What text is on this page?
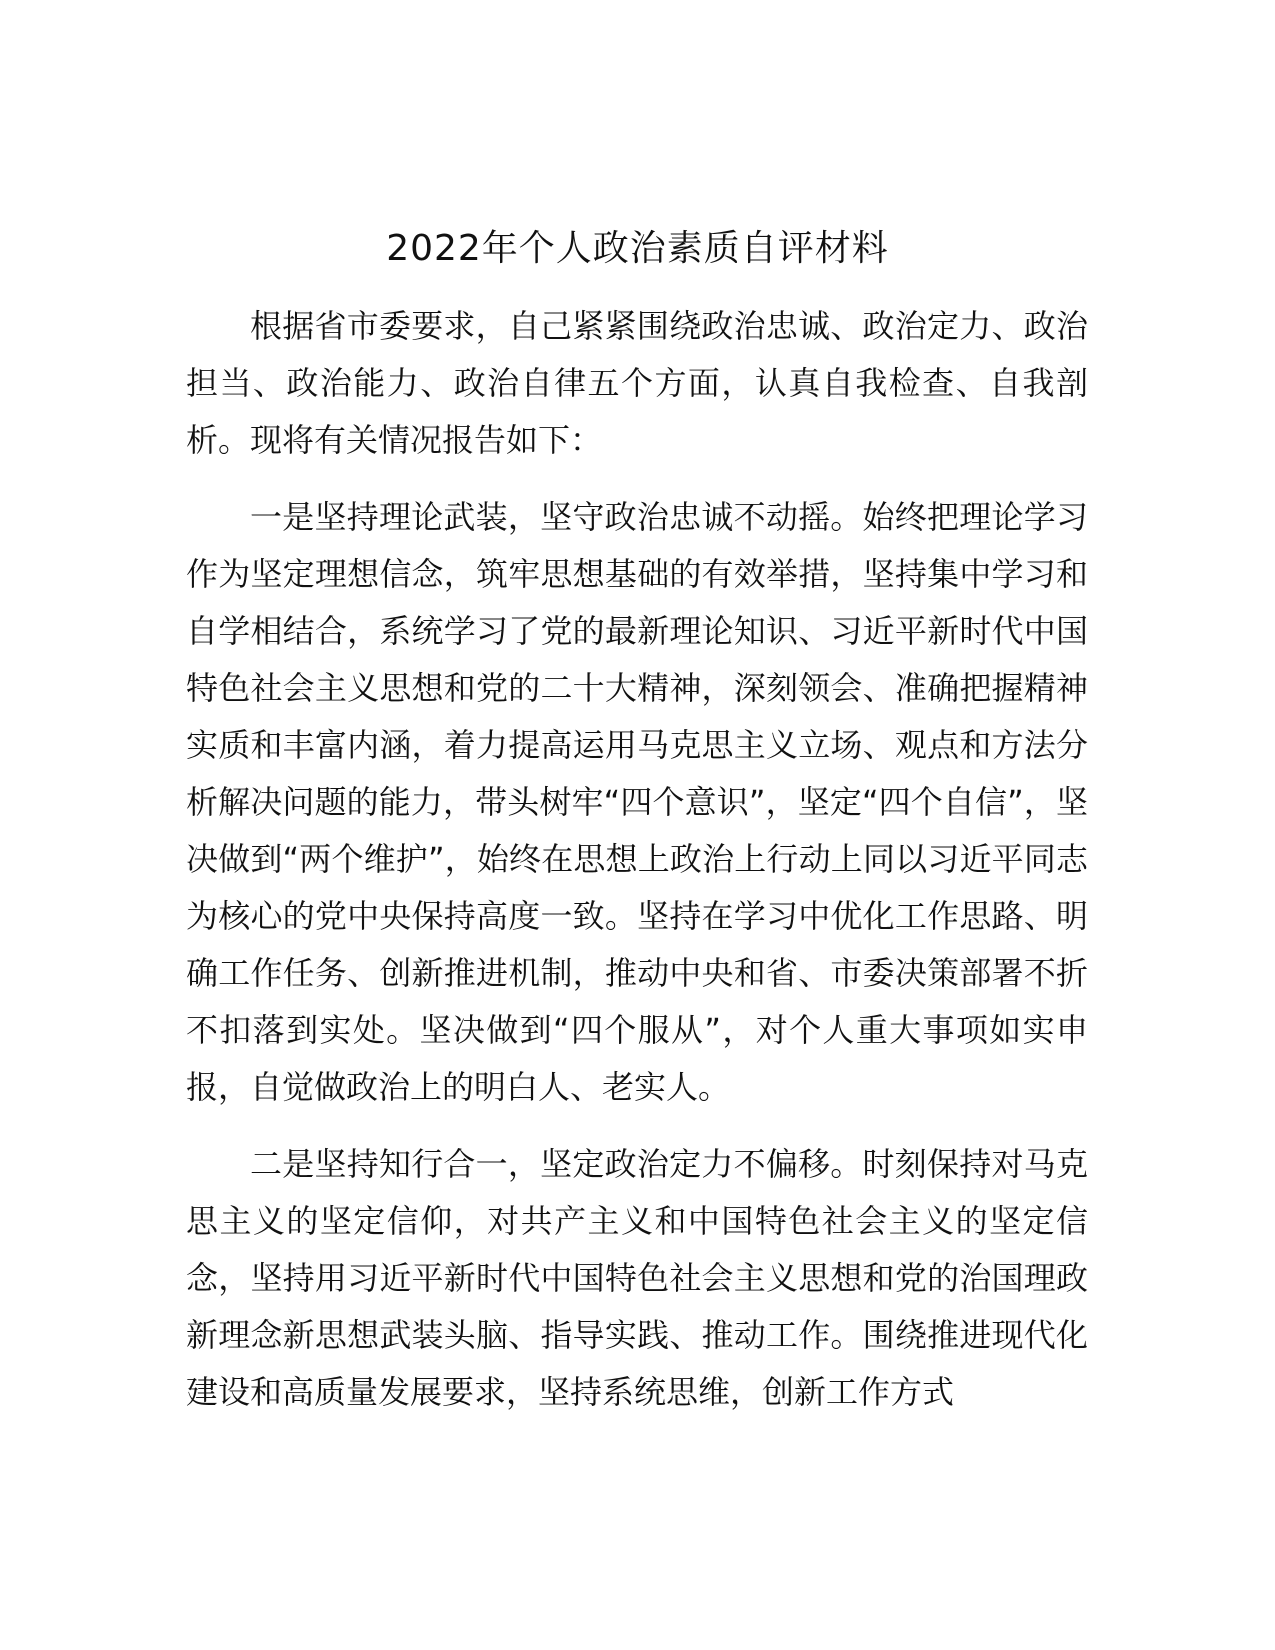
2022年个人政治素质自评材料

根据省市委要求，自己紧紧围绕政治忠诚、政治定力、政治担当、政治能力、政治自律五个方面，认真自我检查、自我剖析。现将有关情况报告如下：

一是坚持理论武装，坚守政治忠诚不动摇。始终把理论学习作为坚定理想信念，筑牢思想基础的有效举措，坚持集中学习和自学相结合，系统学习了党的最新理论知识、习近平新时代中国特色社会主义思想和党的二十大精神，深刻领会、准确把握精神实质和丰富内涵，着力提高运用马克思主义立场、观点和方法分析解决问题的能力，带头树牢“四个意识”，坚定“四个自信”，坚决做到“两个维护”，始终在思想上政治上行动上同以习近平同志为核心的党中央保持高度一致。坚持在学习中优化工作思路、明确工作任务、创新推进机制，推动中央和省、市委决策部署不折不扣落到实处。坚决做到“四个服从”，对个人重大事项如实申报，自觉做政治上的明白人、老实人。

二是坚持知行合一，坚定政治定力不偏移。时刻保持对马克思主义的坚定信仰，对共产主义和中国特色社会主义的坚定信念，坚持用习近平新时代中国特色社会主义思想和党的治国理政新理念新思想武装头脑、指导实践、推动工作。围绕推进现代化建设和高质量发展要求，坚持系统思维，创新工作方式
